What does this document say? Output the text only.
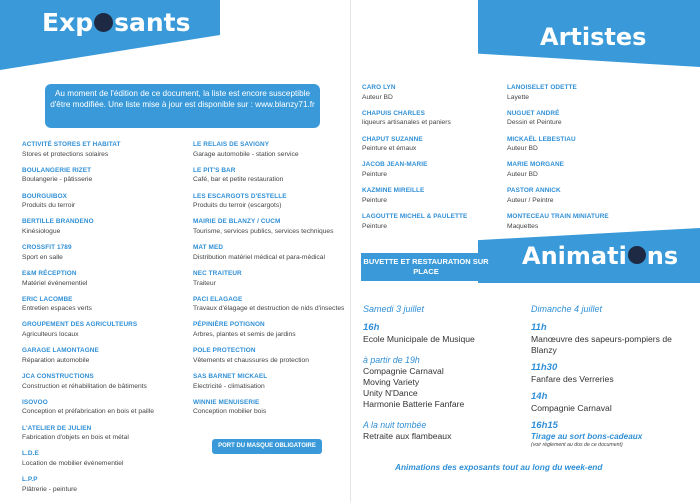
Exp sants
Au moment de l'édition de ce document, la liste est encore susceptible d'être modifiée. Une liste mise à jour est disponible sur : www.blanzy71.fr
ACTIVITÉ STORES ET HABITAT
Stores et protections solaires
BOULANGERIE RIZET
Boulangerie - pâtisserie
BOURGUIBOX
Produits du terroir
BERTILLE BRANDENO
Kinésiologue
CROSSFIT 1789
Sport en salle
E&M RÉCEPTION
Matériel événementiel
ERIC LACOMBE
Entretien espaces verts
GROUPEMENT DES AGRICULTEURS
Agriculteurs locaux
GARAGE LAMONTAGNE
Réparation automobile
JCA CONSTRUCTIONS
Construction et réhabilitation de bâtiments
ISOVOO
Conception et préfabrication en bois et paille
L'ATELIER DE JULIEN
Fabrication d'objets en bois et métal
L.D.E
Location de mobilier événementiel
L.P.P
Plâtrerie - peinture
LE RELAIS DE SAVIGNY
Garage automobile - station service
LE PIT'S BAR
Café, bar et petite restauration
LES ESCARGOTS D'ESTELLE
Produits du terroir (escargots)
MAIRIE DE BLANZY / CUCM
Tourisme, services publics, services techniques
MAT MED
Distribution matériel médical et para-médical
NEC TRAITEUR
Traiteur
PACI ELAGAGE
Travaux d'élagage et destruction de nids d'insectes
PÉPINIÈRE POTIGNON
Arbres, plantes et semis de jardins
POLE PROTECTION
Vêtements et chaussures de protection
SAS BARNET MICKAEL
Electricité - climatisation
WINNIE MENUISERIE
Conception mobilier bois
PORT DU MASQUE OBLIGATOIRE
Artistes
CARO LYN
Auteur BD
CHAPUIS CHARLES
liqueurs artisanales et paniers
CHAPUT SUZANNE
Peinture et émaux
JACOB JEAN-MARIE
Peinture
KAZMINE MIREILLE
Peinture
LAGOUTTE MICHEL & PAULETTE
Peinture
LANOISELET ODETTE
Layette
NUGUET ANDRÉ
Dessin et Peinture
MICKAËL LEBESTIAU
Auteur BD
MARIE MORGANE
Auteur BD
PASTOR ANNICK
Auteur / Peintre
MONTECEAU TRAIN MINIATURE
Maquettes
Animati ns
BUVETTE ET RESTAURATION SUR PLACE
Samedi 3 juillet
16h
Ecole Municipale de Musique
à partir de 19h
Compagnie Carnaval
Moving Variety
Unity N'Dance
Harmonie Batterie Fanfare
A la nuit tombée
Retraite aux flambeaux
Dimanche 4 juillet
11h
Manœuvre des sapeurs-pompiers de Blanzy
11h30
Fanfare des Verreries
14h
Compagnie Carnaval
16h15
Tirage au sort bons-cadeaux
(voir règlement au dos de ce document)
Animations des exposants tout au long du week-end
